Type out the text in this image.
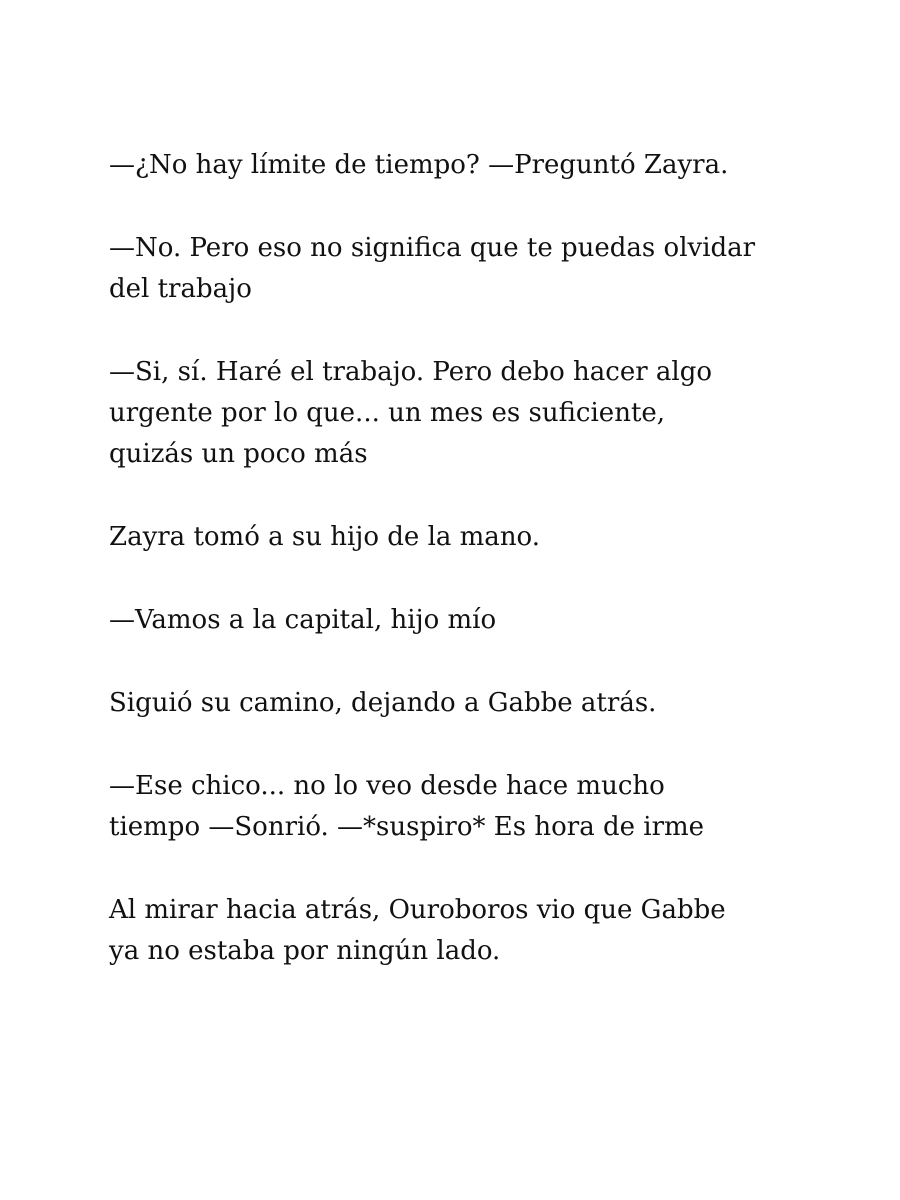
—¿No hay límite de tiempo? —Preguntó Zayra.

—No. Pero eso no significa que te puedas olvidar
del trabajo

—Si, sí. Haré el trabajo. Pero debo hacer algo
urgente por lo que... un mes es suficiente,
quizás un poco más

Zayra tomó a su hijo de la mano.

—Vamos a la capital, hijo mío

Siguió su camino, dejando a Gabbe atrás.

—Ese chico... no lo veo desde hace mucho
tiempo —Sonrió. —*suspiro* Es hora de irme

Al mirar hacia atrás, Ouroboros vio que Gabbe
ya no estaba por ningún lado.
